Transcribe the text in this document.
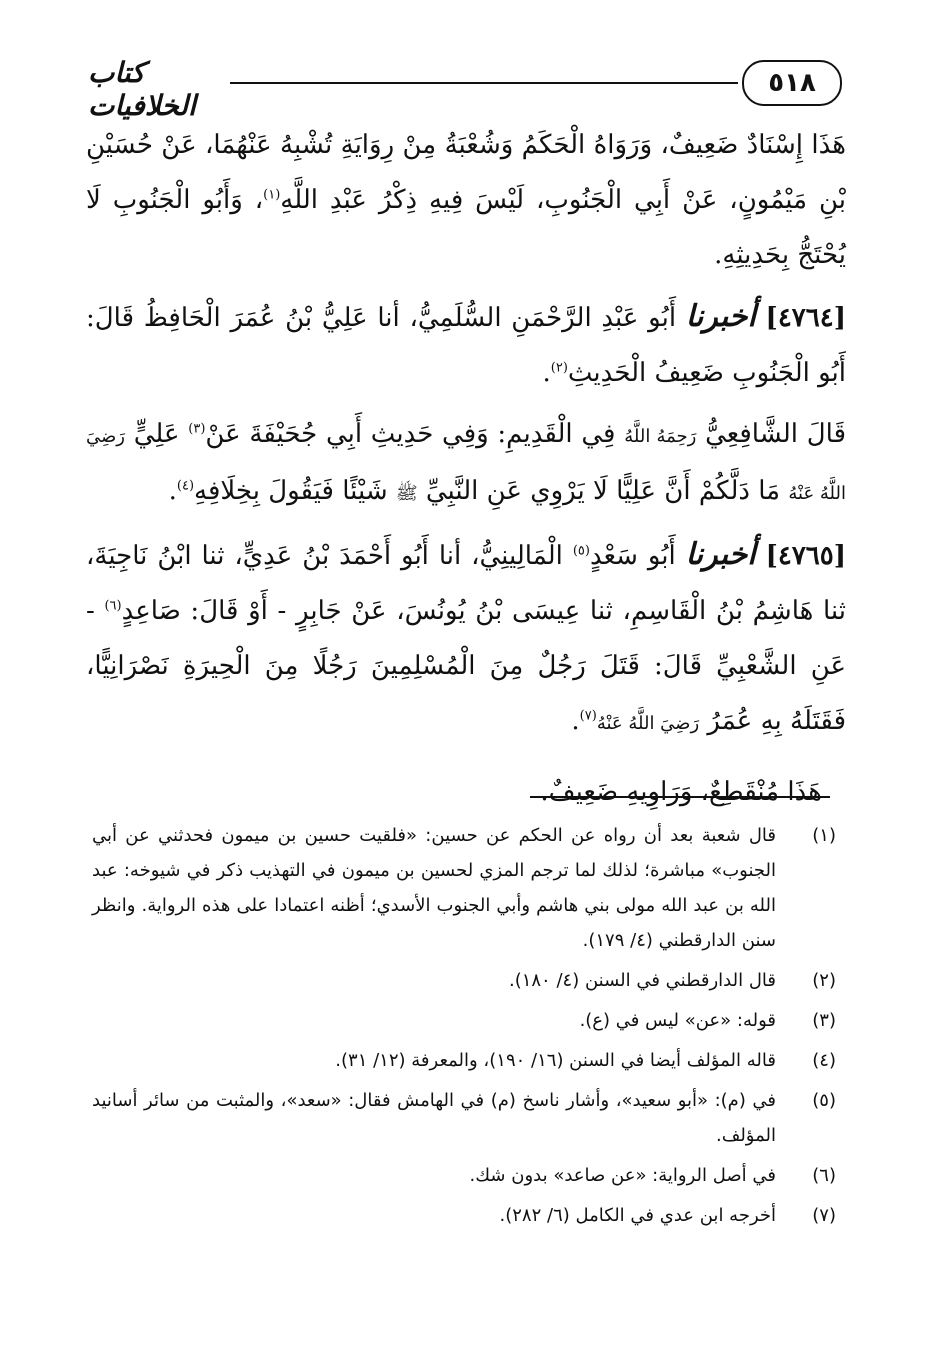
٥١٨
كتاب الخلافيات

هَذَا إِسْنَادٌ ضَعِيفٌ، وَرَوَاهُ الْحَكَمُ وَشُعْبَةُ مِنْ رِوَايَةِ تُشْبِهُ عَنْهُمَا، عَنْ حُسَيْنِ بْنِ مَيْمُونٍ، عَنْ أَبِي الْجَنُوبِ، لَيْسَ فِيهِ ذِكْرُ عَبْدِ اللَّهِ$^{(١)}$، وَأَبُو الْجَنُوبِ لَا يُحْتَجُّ بِحَدِيثِهِ.

[٤٧٦٤] أخبرنا أَبُو عَبْدِ الرَّحْمَنِ السُّلَمِيُّ، أنا عَلِيُّ بْنُ عُمَرَ الْحَافِظُ قَالَ: أَبُو الْجَنُوبِ ضَعِيفُ الْحَدِيثِ$^{(٢)}$.

قَالَ الشَّافِعِيُّ رَحِمَهُ اللَّهُ فِي الْقَدِيمِ: وَفِي حَدِيثِ أَبِي جُحَيْفَةَ عَنْ$^{(٣)}$ عَلِيٍّ رَضِيَ اللَّهُ عَنْهُ مَا دَلَّكُمْ أَنَّ عَلِيًّا لَا يَرْوِي عَنِ النَّبِيِّ ﷺ شَيْئًا فَيَقُولَ بِخِلَافِهِ$^{(٤)}$.

[٤٧٦٥] أخبرنا أَبُو سَعْدٍ$^{(٥)}$ الْمَالِينِيُّ، أنا أَبُو أَحْمَدَ بْنُ عَدِيٍّ، ثنا ابْنُ نَاجِيَةَ، ثنا هَاشِمُ بْنُ الْقَاسِمِ، ثنا عِيسَى بْنُ يُونُسَ، عَنْ جَابِرٍ - أَوْ قَالَ: صَاعِدٍ$^{(٦)}$ - عَنِ الشَّعْبِيِّ قَالَ: قَتَلَ رَجُلٌ مِنَ الْمُسْلِمِينَ رَجُلًا مِنَ الْحِيرَةِ نَصْرَانِيًّا، فَقَتَلَهُ بِهِ عُمَرُ رَضِيَ اللَّهُ عَنْهُ$^{(٧)}$.

هَذَا مُنْقَطِعٌ، وَرَاوِيهِ ضَعِيفٌ.

(١)
قال شعبة بعد أن رواه عن الحكم عن حسين: «فلقيت حسين بن ميمون فحدثني عن أبي الجنوب» مباشرة؛ لذلك لما ترجم المزي لحسين بن ميمون في التهذيب ذكر في شيوخه: عبد الله بن عبد الله مولى بني هاشم وأبي الجنوب الأسدي؛ أظنه اعتمادا على هذه الرواية. وانظر سنن الدارقطني (٤/ ١٧٩).
(٢)
قال الدارقطني في السنن (٤/ ١٨٠).
(٣)
قوله: «عن» ليس في (ع).
(٤)
قاله المؤلف أيضا في السنن (١٦/ ١٩٠)، والمعرفة (١٢/ ٣١).
(٥)
في (م): «أبو سعيد»، وأشار ناسخ (م) في الهامش فقال: «سعد»، والمثبت من سائر أسانيد المؤلف.
(٦)
في أصل الرواية: «عن صاعد» بدون شك.
(٧)
أخرجه ابن عدي في الكامل (٦/ ٢٨٢).
